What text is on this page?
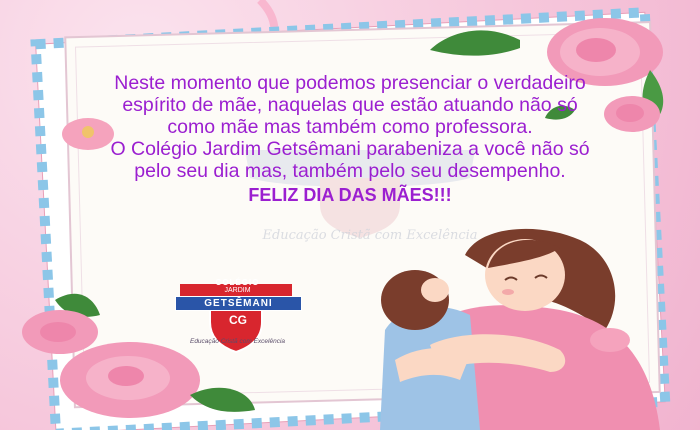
Educação Cristã com Excelência

Neste momento que podemos presenciar o verdadeiro espírito de mãe, naquelas que estão atuando não só como mãe mas também como professora.

O Colégio Jardim Getsêmani parabeniza a você não só pelo seu dia mas, também pelo seu desempenho.

FELIZ DIA DAS MÃES!!!

COLÉGIO
JARDIM
GETSÊMANI
CG
Educação Cristã com Excelência
